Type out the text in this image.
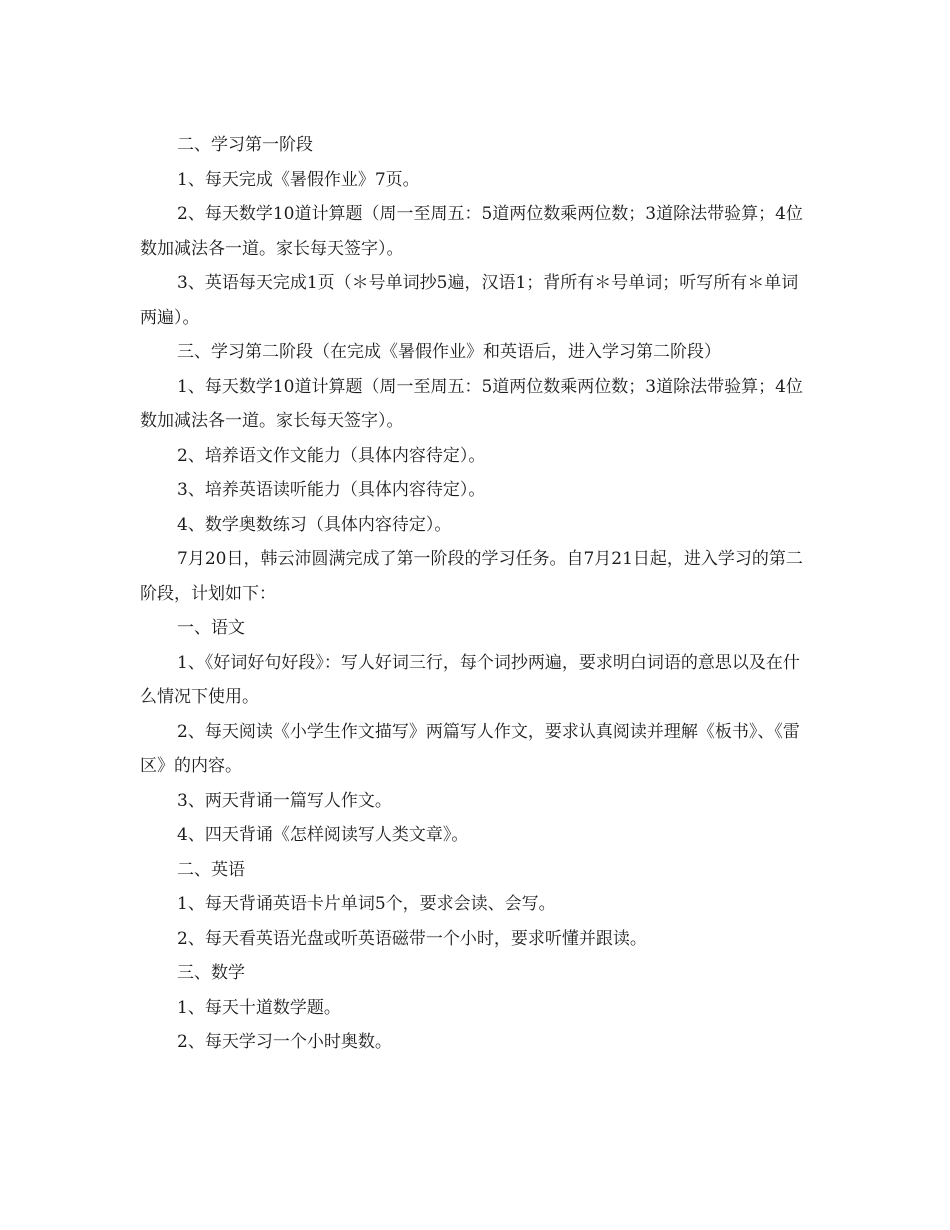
二、学习第一阶段

1、每天完成《暑假作业》7页。

2、每天数学10道计算题（周一至周五：5道两位数乘两位数；3道除法带验算；4位数加减法各一道。家长每天签字）。

3、英语每天完成1页（＊号单词抄5遍，汉语1；背所有＊号单词；听写所有＊单词两遍）。

三、学习第二阶段（在完成《暑假作业》和英语后，进入学习第二阶段）

1、每天数学10道计算题（周一至周五：5道两位数乘两位数；3道除法带验算；4位数加减法各一道。家长每天签字）。

2、培养语文作文能力（具体内容待定）。

3、培养英语读听能力（具体内容待定）。

4、数学奥数练习（具体内容待定）。

7月20日，韩云沛圆满完成了第一阶段的学习任务。自7月21日起，进入学习的第二阶段，计划如下：

一、语文

1、《好词好句好段》：写人好词三行，每个词抄两遍，要求明白词语的意思以及在什么情况下使用。

2、每天阅读《小学生作文描写》两篇写人作文，要求认真阅读并理解《板书》、《雷区》的内容。

3、两天背诵一篇写人作文。

4、四天背诵《怎样阅读写人类文章》。

二、英语

1、每天背诵英语卡片单词5个，要求会读、会写。

2、每天看英语光盘或听英语磁带一个小时，要求听懂并跟读。

三、数学

1、每天十道数学题。

2、每天学习一个小时奥数。
